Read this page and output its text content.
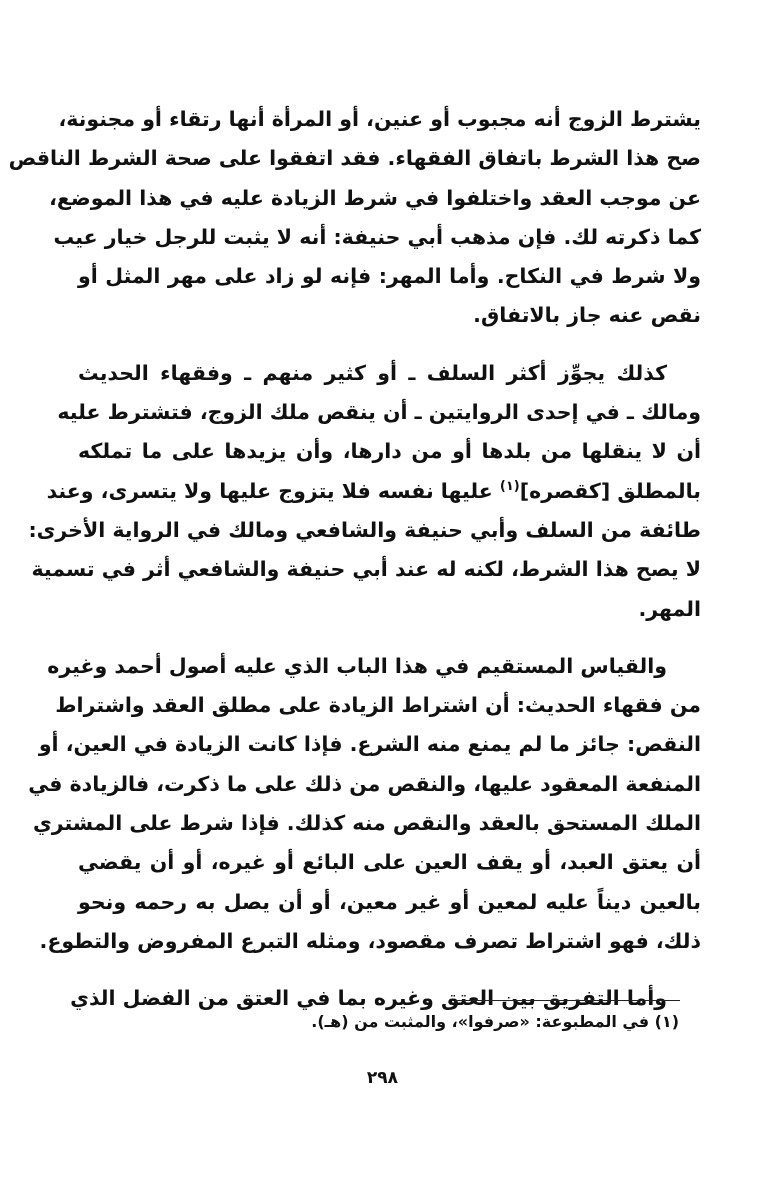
يشترط الزوج أنه مجبوب أو عنين، أو المرأة أنها رتقاء أو مجنونة،
صح هذا الشرط باتفاق الفقهاء. فقد اتفقوا على صحة الشرط الناقص
عن موجب العقد واختلفوا في شرط الزيادة عليه في هذا الموضع،
كما ذكرته لك. فإن مذهب أبي حنيفة: أنه لا يثبت للرجل خيار عيب
ولا شرط في النكاح. وأما المهر: فإنه لو زاد على مهر المثل أو
نقص عنه جاز بالاتفاق.
كذلك يجوِّز أكثر السلف ـ أو كثير منهم ـ وفقهاء الحديث
ومالك ـ في إحدى الروايتين ـ أن ينقص ملك الزوج، فتشترط عليه
أن لا ينقلها من بلدها أو من دارها، وأن يزيدها على ما تملكه
بالمطلق [كقصره]$^{(١)}$ عليها نفسه فلا يتزوج عليها ولا يتسرى، وعند
طائفة من السلف وأبي حنيفة والشافعي ومالك في الرواية الأخرى:
لا يصح هذا الشرط، لكنه له عند أبي حنيفة والشافعي أثر في تسمية
المهر.
والقياس المستقيم في هذا الباب الذي عليه أصول أحمد وغيره
من فقهاء الحديث: أن اشتراط الزيادة على مطلق العقد واشتراط
النقص: جائز ما لم يمنع منه الشرع. فإذا كانت الزيادة في العين، أو
المنفعة المعقود عليها، والنقص من ذلك على ما ذكرت، فالزيادة في
الملك المستحق بالعقد والنقص منه كذلك. فإذا شرط على المشتري
أن يعتق العبد، أو يقف العين على البائع أو غيره، أو أن يقضي
بالعين ديناً عليه لمعين أو غير معين، أو أن يصل به رحمه ونحو
ذلك، فهو اشتراط تصرف مقصود، ومثله التبرع المفروض والتطوع.
وأما التفريق بين العتق وغيره بما في العتق من الفضل الذي
(١) في المطبوعة: «صرفوا»، والمثبت من (هـ).
٢٩٨
